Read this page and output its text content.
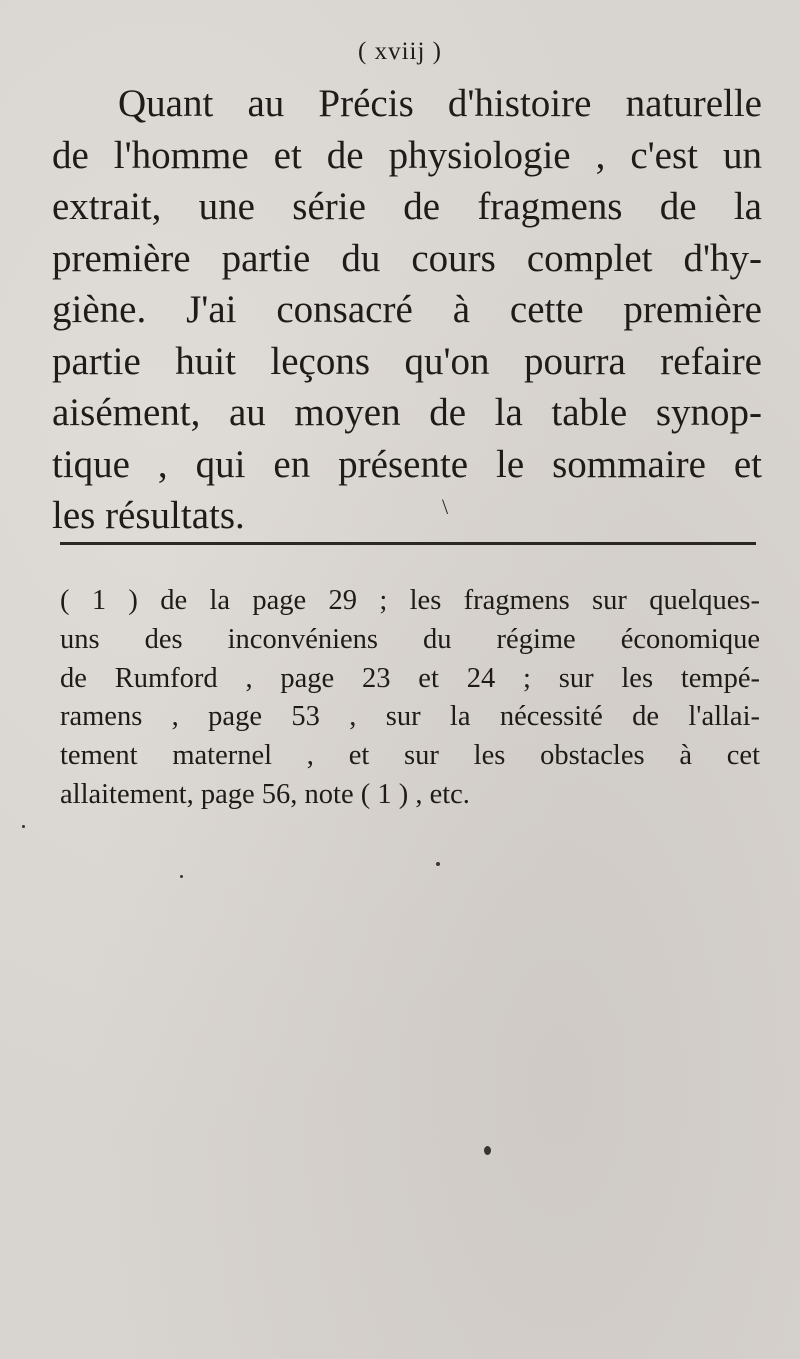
( xviij )
Quant au Précis d'histoire naturelle
de l'homme et de physiologie , c'est un
extrait, une série de fragmens de la
première partie du cours complet d'hy-
giène. J'ai consacré à cette première
partie huit leçons qu'on pourra refaire
aisément, au moyen de la table synop-
tique , qui en présente le sommaire et
les résultats.	\
( 1 ) de la page 29 ; les fragmens sur quelques-
uns des inconvéniens du régime économique
de Rumford , page 23 et 24 ; sur les tempé-
ramens , page 53 , sur la nécessité de l'allai-
tement maternel , et sur les obstacles à cet
allaitement, page 56, note ( 1 ) , etc.
